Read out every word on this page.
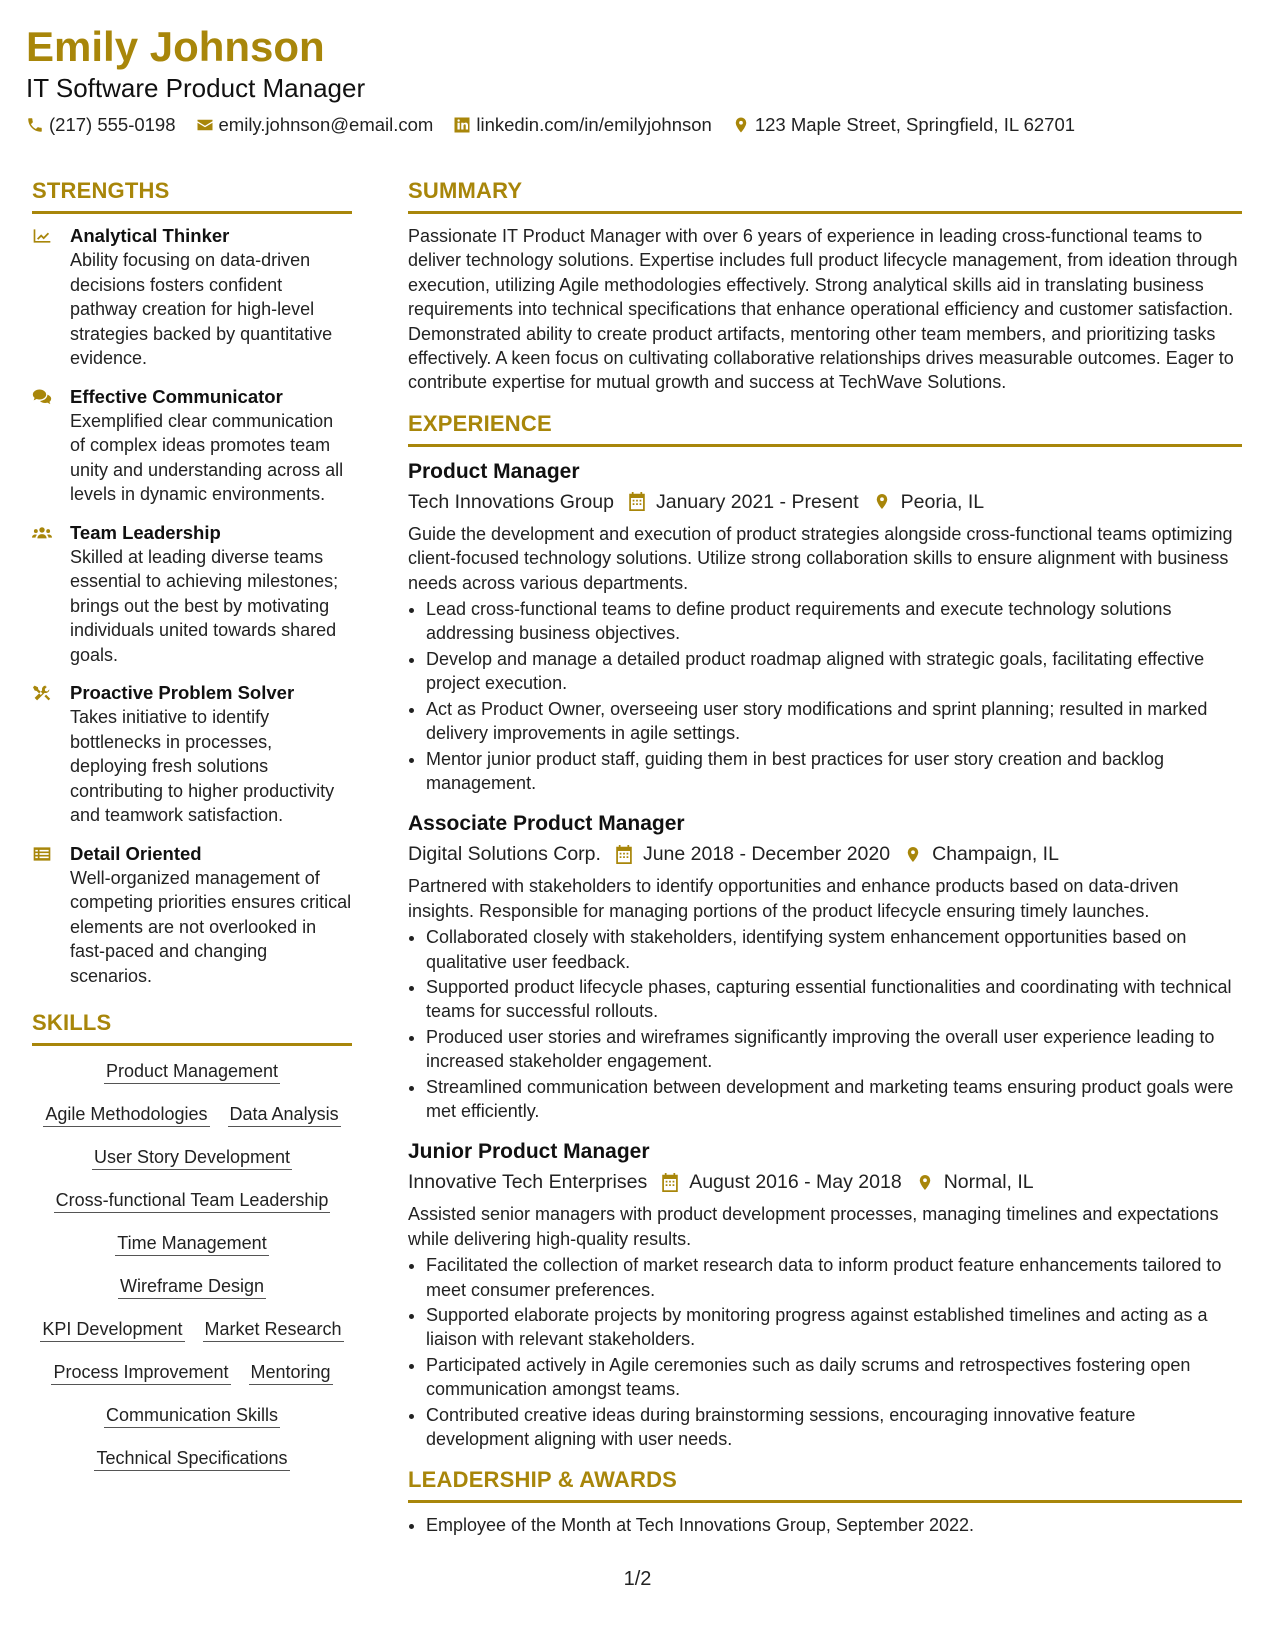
Emily Johnson
IT Software Product Manager
(217) 555-0198 emily.johnson@email.com linkedin.com/in/emilyjohnson 123 Maple Street, Springfield, IL 62701
STRENGTHS
Analytical Thinker
Ability focusing on data-driven decisions fosters confident pathway creation for high-level strategies backed by quantitative evidence.
Effective Communicator
Exemplified clear communication of complex ideas promotes team unity and understanding across all levels in dynamic environments.
Team Leadership
Skilled at leading diverse teams essential to achieving milestones; brings out the best by motivating individuals united towards shared goals.
Proactive Problem Solver
Takes initiative to identify bottlenecks in processes, deploying fresh solutions contributing to higher productivity and teamwork satisfaction.
Detail Oriented
Well-organized management of competing priorities ensures critical elements are not overlooked in fast-paced and changing scenarios.
SKILLS
Product Management
Agile Methodologies Data Analysis
User Story Development
Cross-functional Team Leadership
Time Management
Wireframe Design
KPI Development Market Research
Process Improvement Mentoring
Communication Skills
Technical Specifications
SUMMARY
Passionate IT Product Manager with over 6 years of experience in leading cross-functional teams to deliver technology solutions. Expertise includes full product lifecycle management, from ideation through execution, utilizing Agile methodologies effectively. Strong analytical skills aid in translating business requirements into technical specifications that enhance operational efficiency and customer satisfaction. Demonstrated ability to create product artifacts, mentoring other team members, and prioritizing tasks effectively. A keen focus on cultivating collaborative relationships drives measurable outcomes. Eager to contribute expertise for mutual growth and success at TechWave Solutions.
EXPERIENCE
Product Manager
Tech Innovations Group January 2021 - Present Peoria, IL
Guide the development and execution of product strategies alongside cross-functional teams optimizing client-focused technology solutions. Utilize strong collaboration skills to ensure alignment with business needs across various departments.
• Lead cross-functional teams to define product requirements and execute technology solutions addressing business objectives.
• Develop and manage a detailed product roadmap aligned with strategic goals, facilitating effective project execution.
• Act as Product Owner, overseeing user story modifications and sprint planning; resulted in marked delivery improvements in agile settings.
• Mentor junior product staff, guiding them in best practices for user story creation and backlog management.
Associate Product Manager
Digital Solutions Corp. June 2018 - December 2020 Champaign, IL
Partnered with stakeholders to identify opportunities and enhance products based on data-driven insights. Responsible for managing portions of the product lifecycle ensuring timely launches.
• Collaborated closely with stakeholders, identifying system enhancement opportunities based on qualitative user feedback.
• Supported product lifecycle phases, capturing essential functionalities and coordinating with technical teams for successful rollouts.
• Produced user stories and wireframes significantly improving the overall user experience leading to increased stakeholder engagement.
• Streamlined communication between development and marketing teams ensuring product goals were met efficiently.
Junior Product Manager
Innovative Tech Enterprises August 2016 - May 2018 Normal, IL
Assisted senior managers with product development processes, managing timelines and expectations while delivering high-quality results.
• Facilitated the collection of market research data to inform product feature enhancements tailored to meet consumer preferences.
• Supported elaborate projects by monitoring progress against established timelines and acting as a liaison with relevant stakeholders.
• Participated actively in Agile ceremonies such as daily scrums and retrospectives fostering open communication amongst teams.
• Contributed creative ideas during brainstorming sessions, encouraging innovative feature development aligning with user needs.
LEADERSHIP & AWARDS
• Employee of the Month at Tech Innovations Group, September 2022.
1/2
